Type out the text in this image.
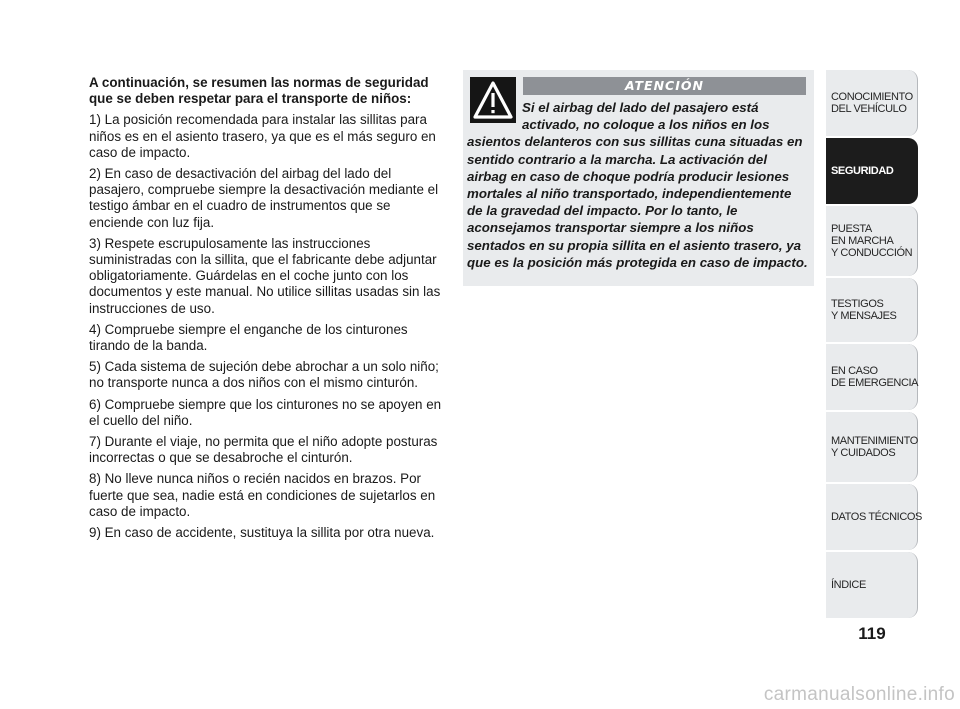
A continuación, se resumen las normas de seguridad que se deben respetar para el transporte de niños:

1) La posición recomendada para instalar las sillitas para niños es en el asiento trasero, ya que es el más seguro en caso de impacto.

2) En caso de desactivación del airbag del lado del pasajero, compruebe siempre la desactivación mediante el testigo ámbar en el cuadro de instrumentos que se enciende con luz fija.

3) Respete escrupulosamente las instrucciones suministradas con la sillita, que el fabricante debe adjuntar obligatoriamente. Guárdelas en el coche junto con los documentos y este manual. No utilice sillitas usadas sin las instrucciones de uso.

4) Compruebe siempre el enganche de los cinturones tirando de la banda.

5) Cada sistema de sujeción debe abrochar a un solo niño; no transporte nunca a dos niños con el mismo cinturón.

6) Compruebe siempre que los cinturones no se apoyen en el cuello del niño.

7) Durante el viaje, no permita que el niño adopte posturas incorrectas o que se desabroche el cinturón.

8) No lleve nunca niños o recién nacidos en brazos. Por fuerte que sea, nadie está en condiciones de sujetarlos en caso de impacto.

9) En caso de accidente, sustituya la sillita por otra nueva.

ATENCIÓN
Si el airbag del lado del pasajero está activado, no coloque a los niños en los asientos delanteros con sus sillitas cuna situadas en sentido contrario a la marcha. La activación del airbag en caso de choque podría producir lesiones mortales al niño transportado, independientemente de la gravedad del impacto. Por lo tanto, le aconsejamos transportar siempre a los niños sentados en su propia sillita en el asiento trasero, ya que es la posición más protegida en caso de impacto.
CONOCIMIENTO
DEL VEHÍCULO
SEGURIDAD
PUESTA
EN MARCHA
Y CONDUCCIÓN
TESTIGOS
Y MENSAJES
EN CASO
DE EMERGENCIA
MANTENIMIENTO
Y CUIDADOS
DATOS TÉCNICOS
ÍNDICE
119
carmanualsonline.info
